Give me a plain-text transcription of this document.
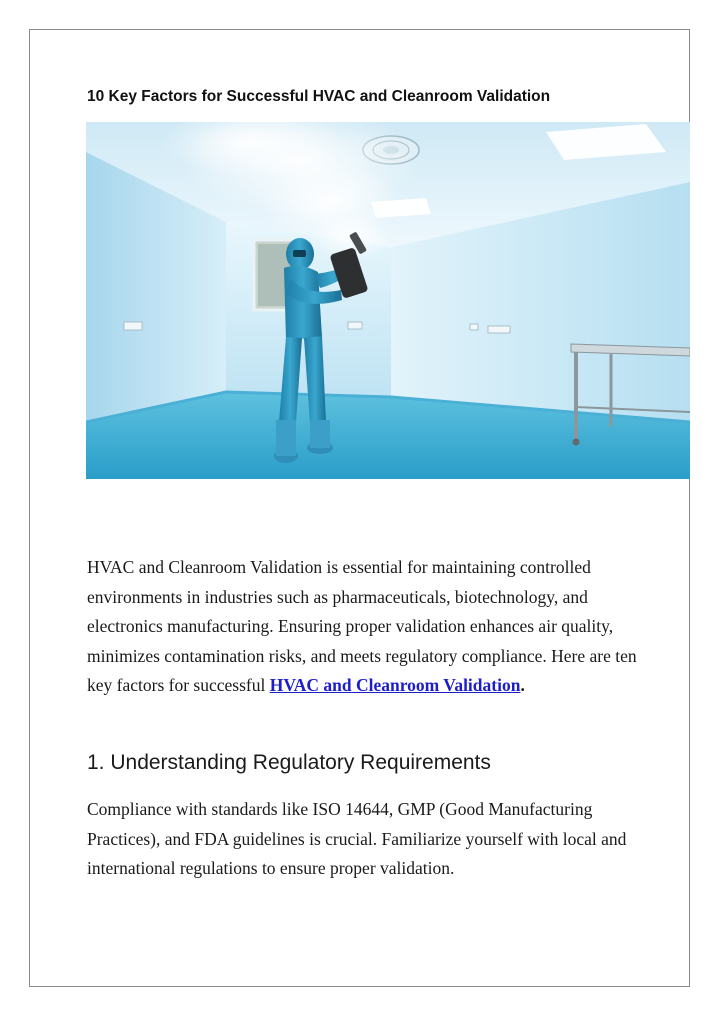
10 Key Factors for Successful HVAC and Cleanroom Validation

HVAC and Cleanroom Validation is essential for maintaining controlled environments in industries such as pharmaceuticals, biotechnology, and electronics manufacturing. Ensuring proper validation enhances air quality, minimizes contamination risks, and meets regulatory compliance. Here are ten key factors for successful HVAC and Cleanroom Validation.

1. Understanding Regulatory Requirements

Compliance with standards like ISO 14644, GMP (Good Manufacturing Practices), and FDA guidelines is crucial. Familiarize yourself with local and international regulations to ensure proper validation.
